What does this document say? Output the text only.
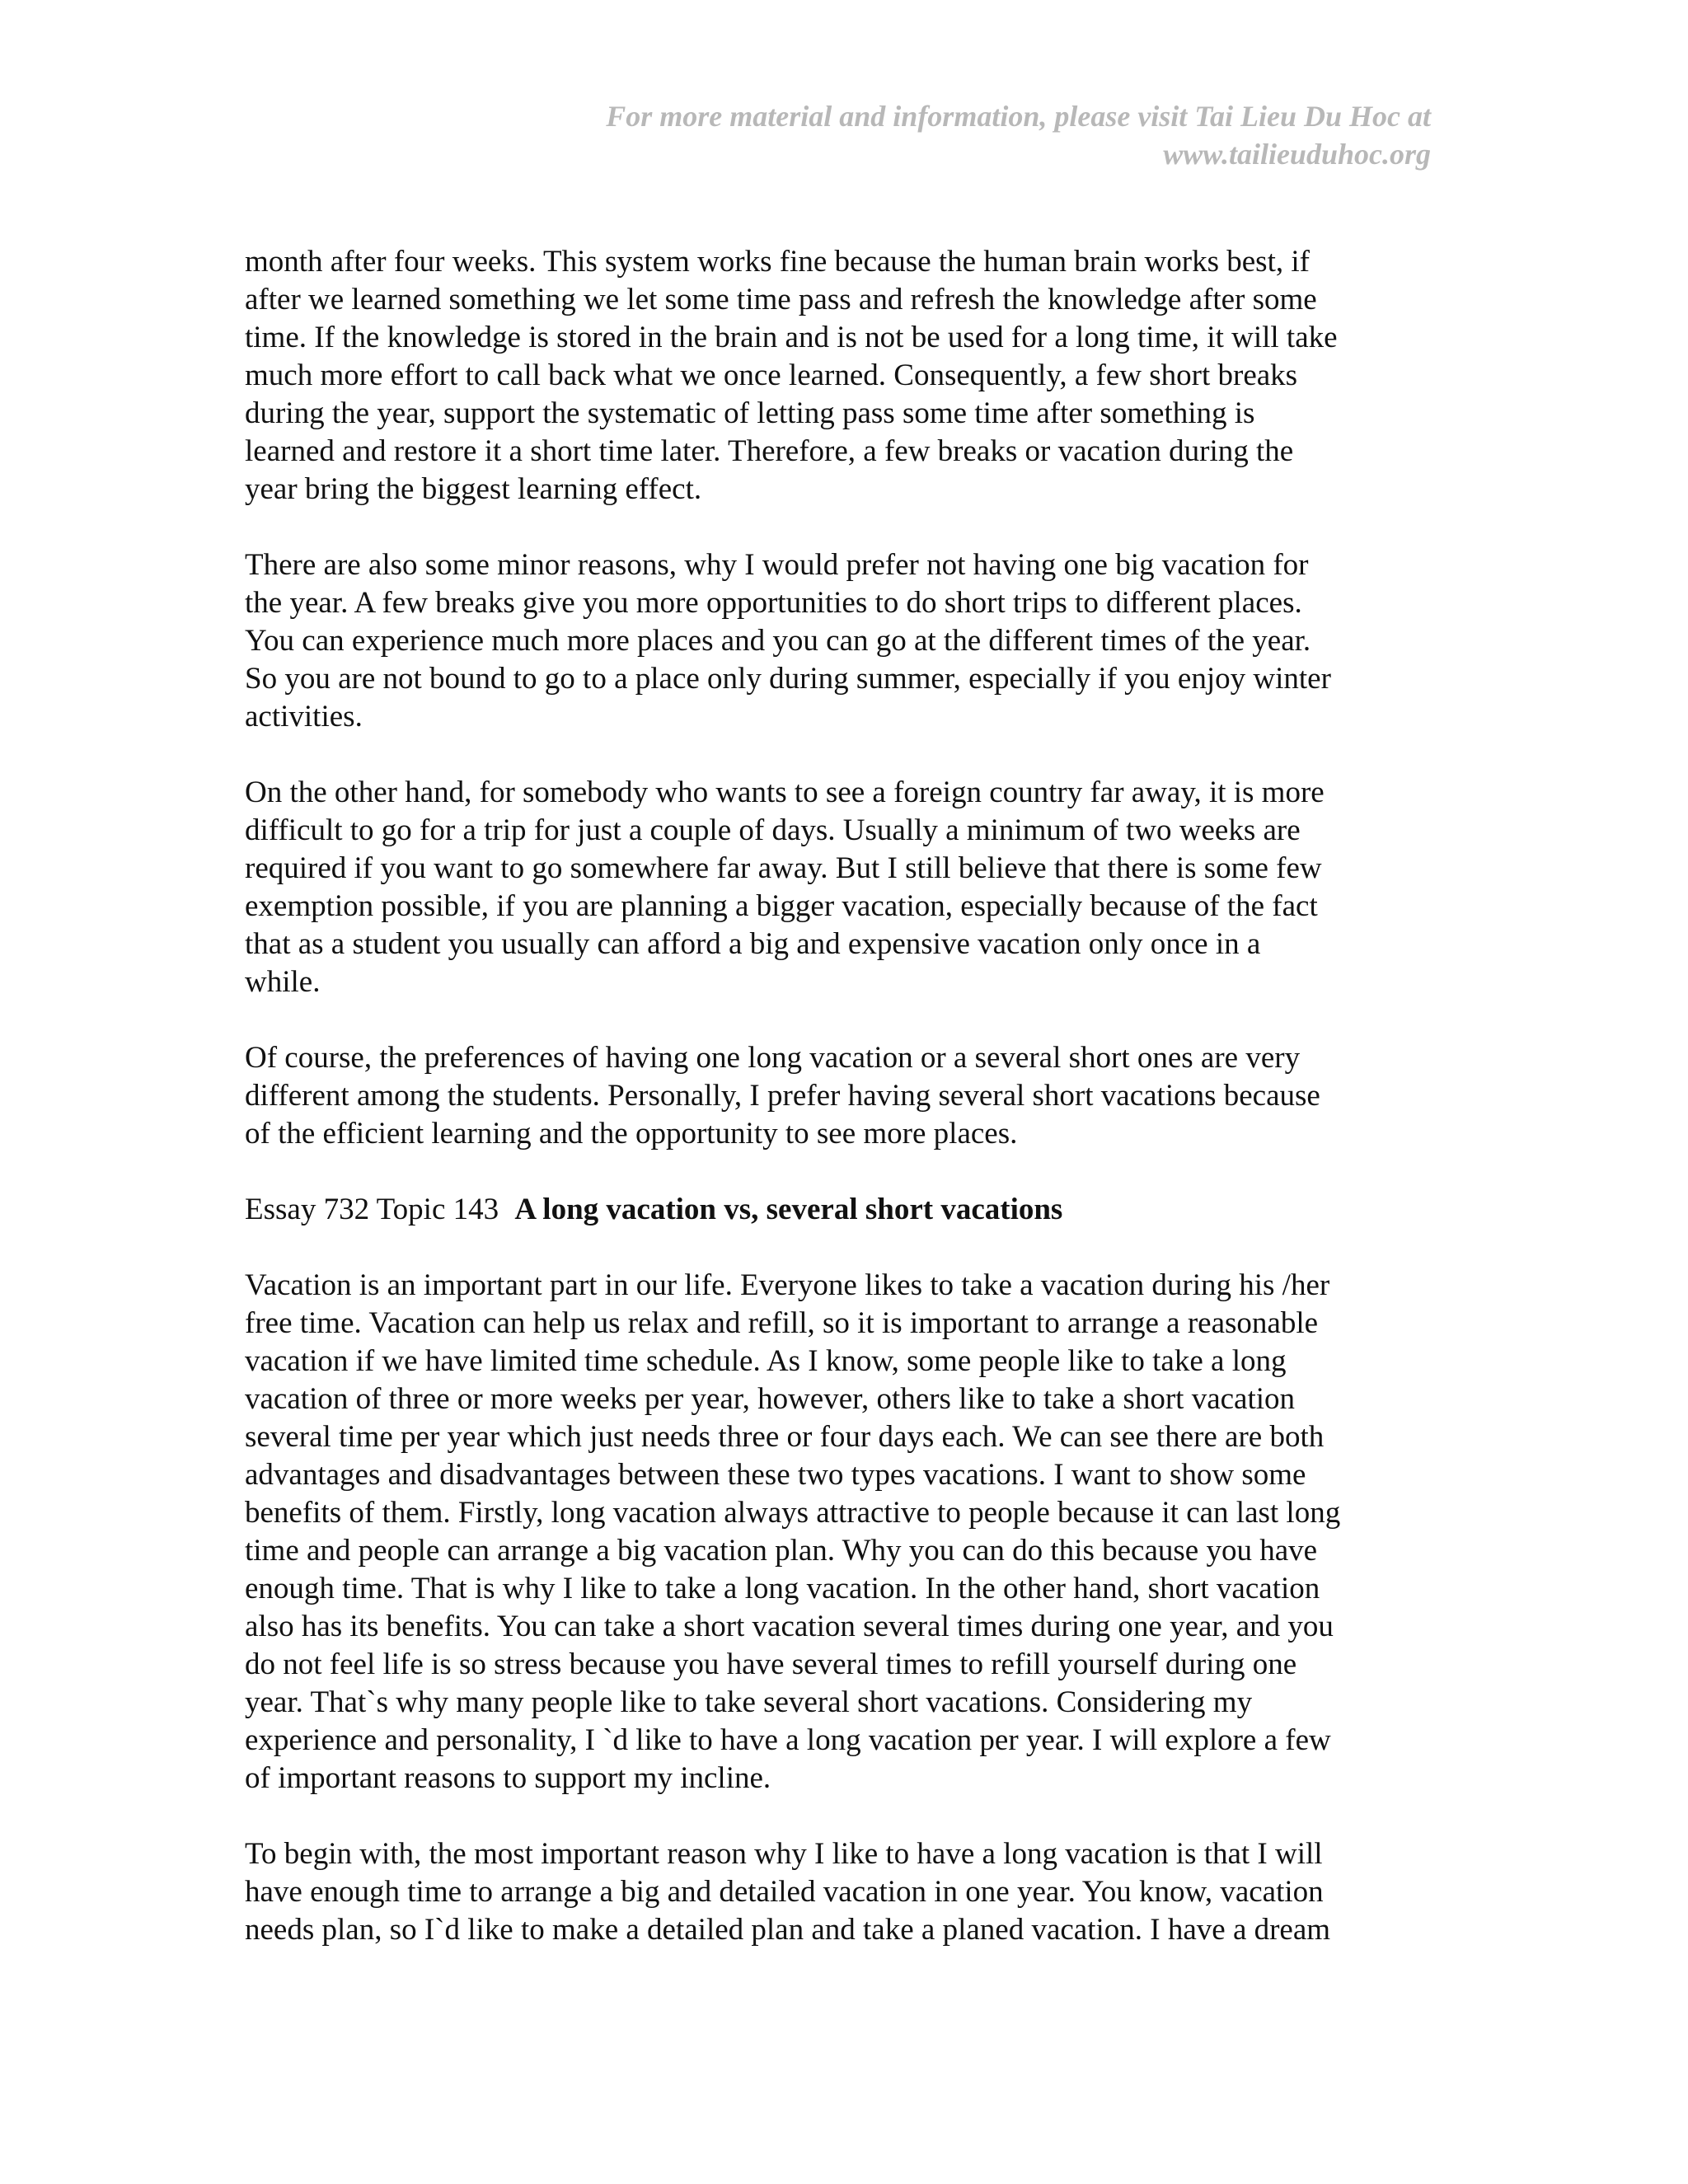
For more material and information, please visit Tai Lieu Du Hoc at
www.tailieuduhoc.org
month after four weeks. This system works fine because the human brain works best, if
after we learned something we let some time pass and refresh the knowledge after some
time. If the knowledge is stored in the brain and is not be used for a long time, it will take
much more effort to call back what we once learned. Consequently, a few short breaks
during the year, support the systematic of letting pass some time after something is
learned and restore it a short time later. Therefore, a few breaks or vacation during the
year bring the biggest learning effect.
There are also some minor reasons, why I would prefer not having one big vacation for
the year. A few breaks give you more opportunities to do short trips to different places.
You can experience much more places and you can go at the different times of the year.
So you are not bound to go to a place only during summer, especially if you enjoy winter
activities.
On the other hand, for somebody who wants to see a foreign country far away, it is more
difficult to go for a trip for just a couple of days. Usually a minimum of two weeks are
required if you want to go somewhere far away. But I still believe that there is some few
exemption possible, if you are planning a bigger vacation, especially because of the fact
that as a student you usually can afford a big and expensive vacation only once in a
while.
Of course, the preferences of having one long vacation or a several short ones are very
different among the students. Personally, I prefer having several short vacations because
of the efficient learning and the opportunity to see more places.
Essay 732 Topic 143 A long vacation vs, several short vacations
Vacation is an important part in our life. Everyone likes to take a vacation during his /her
free time. Vacation can help us relax and refill, so it is important to arrange a reasonable
vacation if we have limited time schedule. As I know, some people like to take a long
vacation of three or more weeks per year, however, others like to take a short vacation
several time per year which just needs three or four days each. We can see there are both
advantages and disadvantages between these two types vacations. I want to show some
benefits of them. Firstly, long vacation always attractive to people because it can last long
time and people can arrange a big vacation plan. Why you can do this because you have
enough time. That is why I like to take a long vacation. In the other hand, short vacation
also has its benefits. You can take a short vacation several times during one year, and you
do not feel life is so stress because you have several times to refill yourself during one
year. That`s why many people like to take several short vacations. Considering my
experience and personality, I `d like to have a long vacation per year. I will explore a few
of important reasons to support my incline.
To begin with, the most important reason why I like to have a long vacation is that I will
have enough time to arrange a big and detailed vacation in one year. You know, vacation
needs plan, so I`d like to make a detailed plan and take a planed vacation. I have a dream
